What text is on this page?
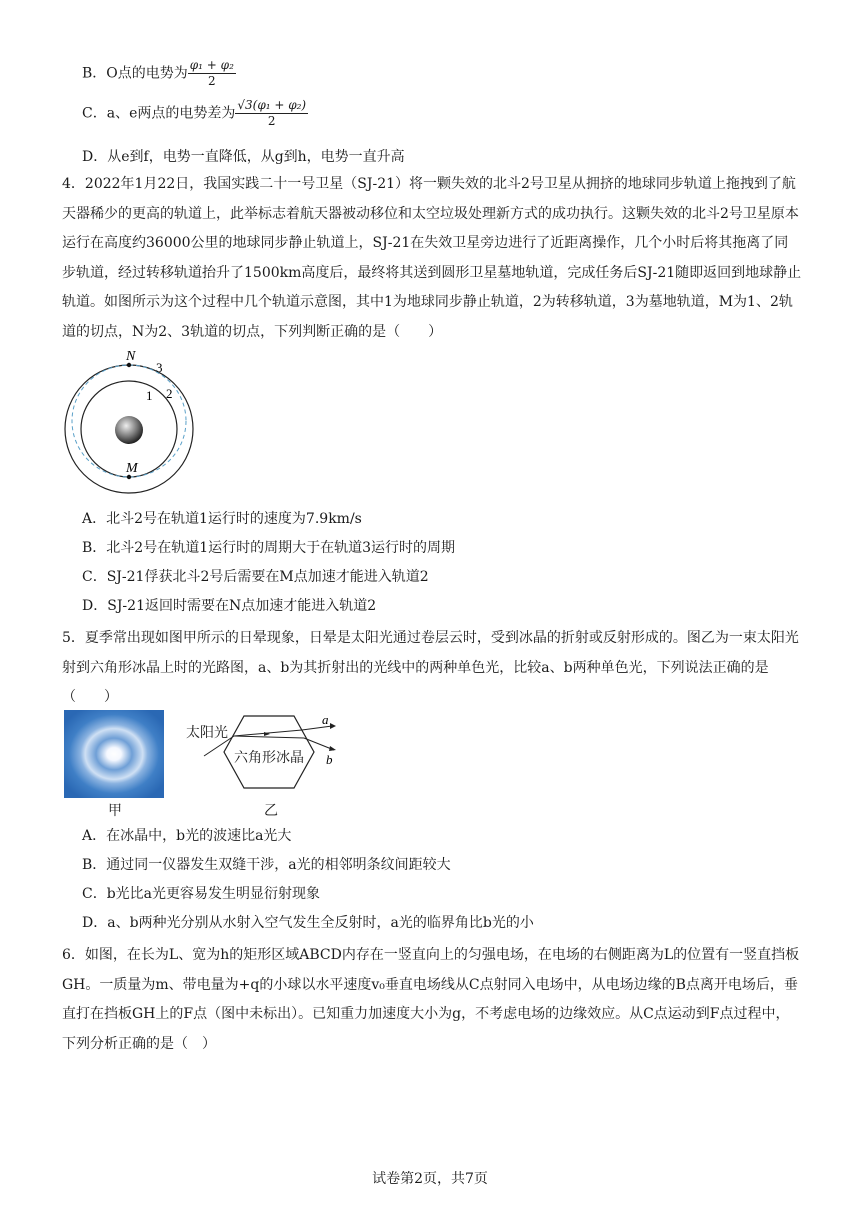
B．O点的电势为 $\frac{\text{φ₁ + φ₂}}{2}$
C．a、e两点的电势差为 $\frac{\text{√3(φ₁ + φ₂)}}{2}$
D．从e到f，电势一直降低，从g到h，电势一直升高
4．2022年1月22日，我国实践二十一号卫星（SJ-21）将一颗失效的北斗2号卫星从拥挤的地球同步轨道上拖拽到了航天器稀少的更高的轨道上，此举标志着航天器被动移位和太空垃圾处理新方式的成功执行。这颗失效的北斗2号卫星原本运行在高度约36000公里的地球同步静止轨道上，SJ-21在失效卫星旁边进行了近距离操作，几个小时后将其拖离了同步轨道，经过转移轨道抬升了1500km高度后，最终将其送到圆形卫星墓地轨道，完成任务后SJ-21随即返回到地球静止轨道。如图所示为这个过程中几个轨道示意图，其中1为地球同步静止轨道，2为转移轨道，3为墓地轨道，M为1、2轨道的切点，N为2、3轨道的切点，下列判断正确的是（　　）
N
M
3
1 2
A．北斗2号在轨道1运行时的速度为7.9km/s
B．北斗2号在轨道1运行时的周期大于在轨道3运行时的周期
C．SJ-21俘获北斗2号后需要在M点加速才能进入轨道2
D．SJ-21返回时需要在N点加速才能进入轨道2
5．夏季常出现如图甲所示的日晕现象，日晕是太阳光通过卷层云时，受到冰晶的折射或反射形成的。图乙为一束太阳光射到六角形冰晶上时的光路图，a、b为其折射出的光线中的两种单色光，比较a、b两种单色光，下列说法正确的是（　　）
甲
a
b
太阳光
六角形冰晶
乙
A．在冰晶中，b光的波速比a光大
B．通过同一仪器发生双缝干涉，a光的相邻明条纹间距较大
C．b光比a光更容易发生明显衍射现象
D．a、b两种光分别从水射入空气发生全反射时，a光的临界角比b光的小
6．如图，在长为L、宽为h的矩形区域ABCD内存在一竖直向上的匀强电场，在电场的右侧距离为L的位置有一竖直挡板GH。一质量为m、带电量为+q的小球以水平速度v₀垂直电场线从C点射同入电场中，从电场边缘的B点离开电场后，垂直打在挡板GH上的F点（图中未标出）。已知重力加速度大小为g，不考虑电场的边缘效应。从C点运动到F点过程中，下列分析正确的是（　）
试卷第2页，共7页
